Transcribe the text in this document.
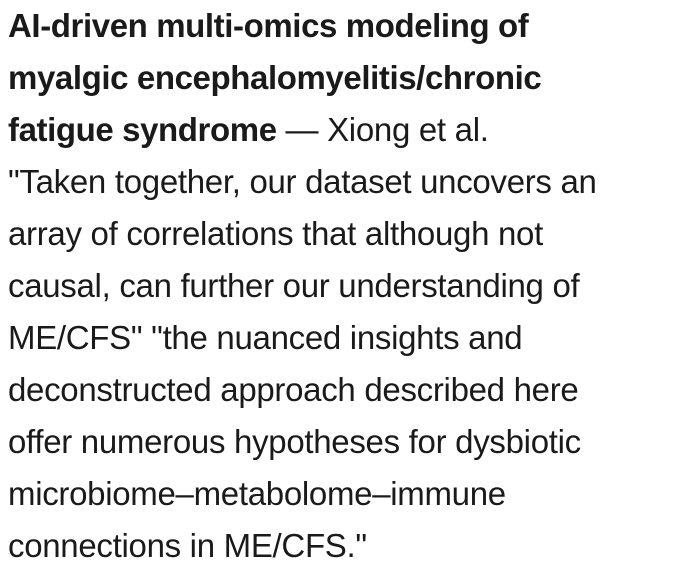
AI-driven multi-omics modeling of
myalgic encephalomyelitis/chronic
fatigue syndrome — Xiong et al.
"Taken together, our dataset uncovers an
array of correlations that although not
causal, can further our understanding of
ME/CFS" "the nuanced insights and
deconstructed approach described here
offer numerous hypotheses for dysbiotic
microbiome–metabolome–immune
connections in ME/CFS."
